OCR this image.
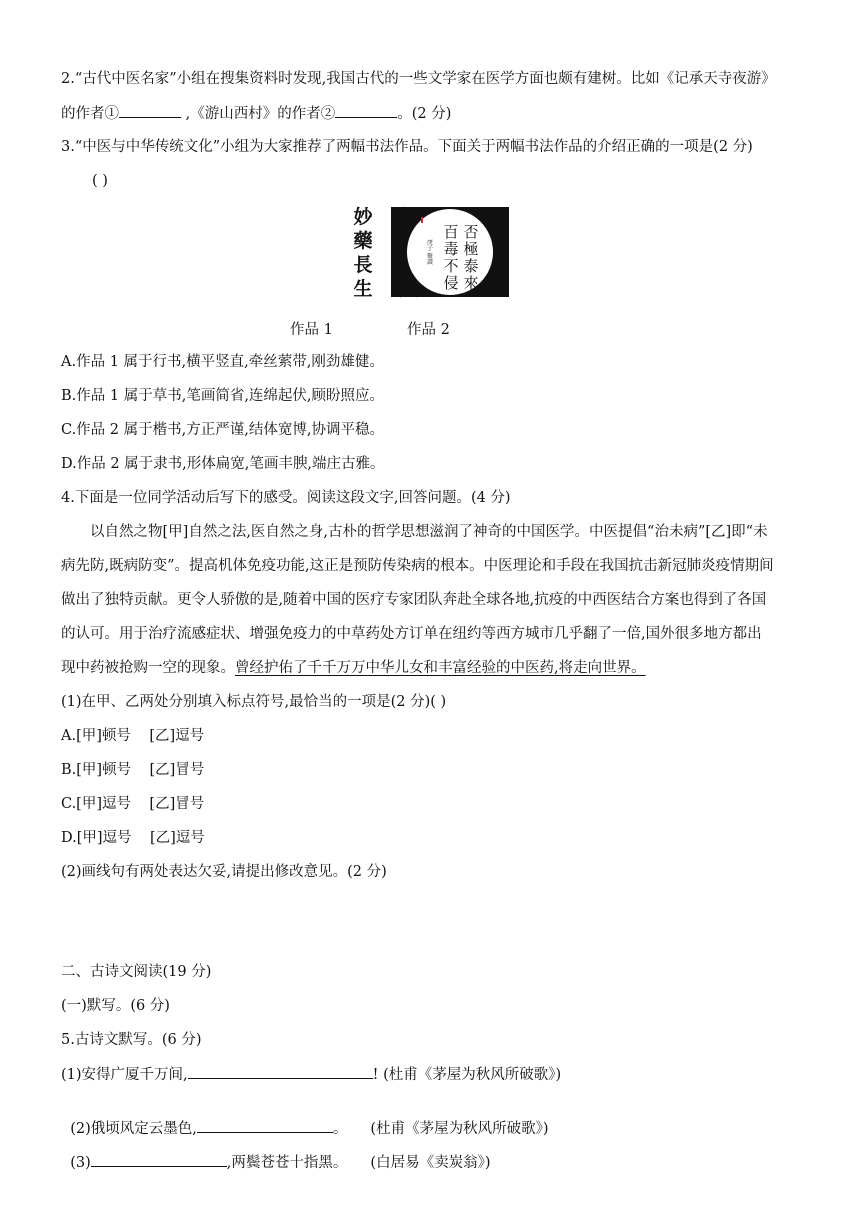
2.“古代中医名家”小组在搜集资料时发现,我国古代的一些文学家在医学方面也颇有建树。比如《记承天寺夜游》
的作者①	,《游山西村》的作者②	。(2 分)
3.“中医与中华传统文化”小组为大家推荐了两幅书法作品。下面关于两幅书法作品的介绍正确的一项是(2 分)
( )
妙
藥
長
生
否
極
泰
來
百
毒
不
侵
庚子 聚識
作品 1	作品 2
A.作品 1 属于行书,横平竖直,牵丝萦带,刚劲雄健。
B.作品 1 属于草书,笔画简省,连绵起伏,顾盼照应。
C.作品 2 属于楷书,方正严谨,结体宽博,协调平稳。
D.作品 2 属于隶书,形体扁宽,笔画丰腴,端庄古雅。
4.下面是一位同学活动后写下的感受。阅读这段文字,回答问题。(4 分)
以自然之物[甲]自然之法,医自然之身,古朴的哲学思想滋润了神奇的中国医学。中医提倡“治未病”[乙]即“未
病先防,既病防变”。提高机体免疫功能,这正是预防传染病的根本。中医理论和手段在我国抗击新冠肺炎疫情期间
做出了独特贡献。更令人骄傲的是,随着中国的医疗专家团队奔赴全球各地,抗疫的中西医结合方案也得到了各国
的认可。用于治疗流感症状、增强免疫力的中草药处方订单在纽约等西方城市几乎翻了一倍,国外很多地方都出
现中药被抢购一空的现象。曾经护佑了千千万万中华儿女和丰富经验的中医药,将走向世界。
(1)在甲、乙两处分别填入标点符号,最恰当的一项是(2 分)( )
A.[甲]顿号    [乙]逗号
B.[甲]顿号    [乙]冒号
C.[甲]逗号    [乙]冒号
D.[甲]逗号    [乙]逗号
(2)画线句有两处表达欠妥,请提出修改意见。(2 分)
二、古诗文阅读(19 分)
(一)默写。(6 分)
5.古诗文默写。(6 分)
(1)安得广厦千万间,	! (杜甫《茅屋为秋风所破歌》)

(2)俄顷风定云墨色,	。     (杜甫《茅屋为秋风所破歌》)

(3)	,两鬓苍苍十指黑。     (白居易《卖炭翁》)
